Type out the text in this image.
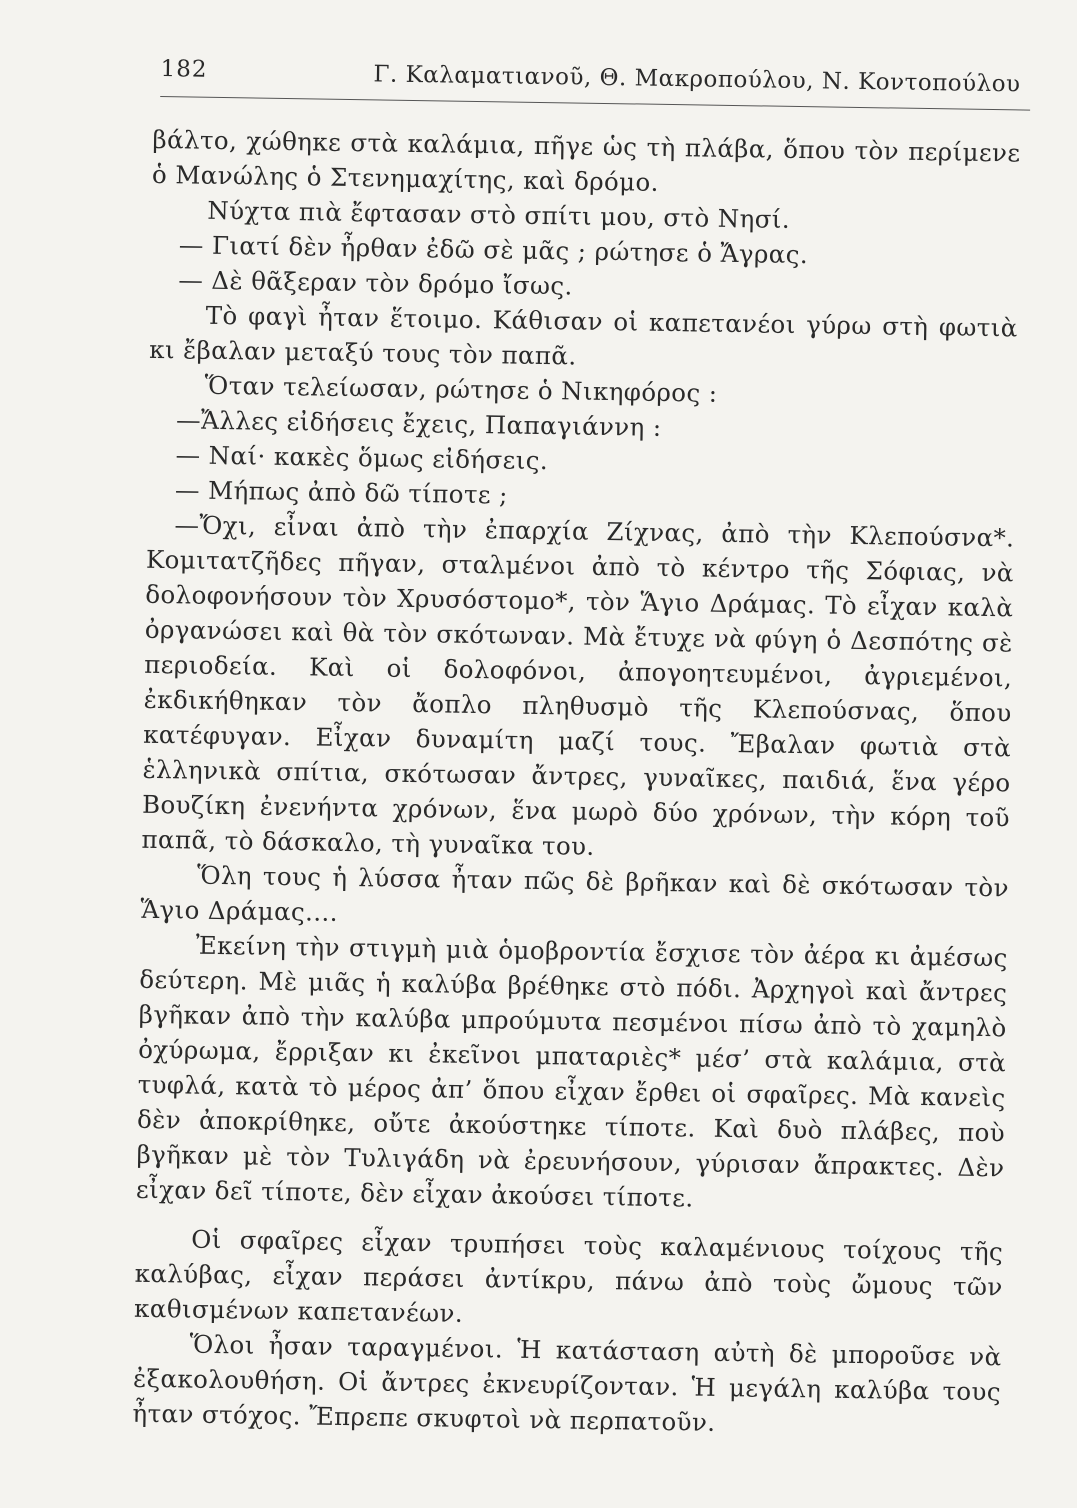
182	Γ. Καλαματιανοῦ, Θ. Μακροπούλου, Ν. Κοντοπούλου

βάλτο, χώθηκε στὰ καλάμια, πῆγε ὡς τὴ πλάβα, ὅπου τὸν περίμενε ὁ Μανώλης ὁ Στενημαχίτης, καὶ δρόμο.

Νύχτα πιὰ ἔφτασαν στὸ σπίτι μου, στὸ Νησί.

— Γιατί δὲν ἦρθαν ἐδῶ σὲ μᾶς ; ρώτησε ὁ Ἄγρας.

— Δὲ θᾶξεραν τὸν δρόμο ἴσως.

Τὸ φαγὶ ἦταν ἕτοιμο. Κάθισαν οἱ καπετανέοι γύρω στὴ φωτιὰ κι ἔβαλαν μεταξύ τους τὸν παπᾶ.

Ὅταν τελείωσαν, ρώτησε ὁ Νικηφόρος :

—Ἄλλες εἰδήσεις ἔχεις, Παπαγιάννη :

— Ναί· κακὲς ὅμως εἰδήσεις.

— Μήπως ἀπὸ δῶ τίποτε ;

—Ὄχι, εἶναι ἀπὸ τὴν ἐπαρχία Ζίχνας, ἀπὸ τὴν Κλεπούσνα*. Κομιτατζῆδες πῆγαν, σταλμένοι ἀπὸ τὸ κέντρο τῆς Σόφιας, νὰ δολοφονήσουν τὸν Χρυσόστομο*, τὸν Ἅγιο Δράμας. Τὸ εἶχαν καλὰ ὀργανώσει καὶ θὰ τὸν σκότωναν. Μὰ ἔτυχε νὰ φύγη ὁ Δεσπότης σὲ περιοδεία. Καὶ οἱ δολοφόνοι, ἀπογοητευμένοι, ἀγριεμένοι, ἐκδικήθηκαν τὸν ἄοπλο πληθυσμὸ τῆς Κλεπούσνας, ὅπου κατέφυγαν. Εἶχαν δυναμίτη μαζί τους. Ἔβαλαν φωτιὰ στὰ ἑλληνικὰ σπίτια, σκότωσαν ἄντρες, γυναῖκες, παιδιά, ἕνα γέρο Βουζίκη ἐνενήντα χρόνων, ἕνα μωρὸ δύο χρόνων, τὴν κόρη τοῦ παπᾶ, τὸ δάσκαλο, τὴ γυναῖκα του.

Ὅλη τους ἡ λύσσα ἦταν πῶς δὲ βρῆκαν καὶ δὲ σκότωσαν τὸν Ἅγιο Δράμας....

Ἐκείνη τὴν στιγμὴ μιὰ ὁμοβροντία ἔσχισε τὸν ἀέρα κι ἀμέσως δεύτερη. Μὲ μιᾶς ἡ καλύβα βρέθηκε στὸ πόδι. Ἀρχηγοὶ καὶ ἄντρες βγῆκαν ἀπὸ τὴν καλύβα μπρούμυτα πεσμένοι πίσω ἀπὸ τὸ χαμηλὸ ὀχύρωμα, ἔρριξαν κι ἐκεῖνοι μπαταριὲς* μέσ’ στὰ καλάμια, στὰ τυφλά, κατὰ τὸ μέρος ἀπ’ ὅπου εἶχαν ἔρθει οἱ σφαῖρες. Μὰ κανεὶς δὲν ἀποκρίθηκε, οὔτε ἀκούστηκε τίποτε. Καὶ δυὸ πλάβες, ποὺ βγῆκαν μὲ τὸν Τυλιγάδη νὰ ἐρευνήσουν, γύρισαν ἄπρακτες. Δὲν εἶχαν δεῖ τίποτε, δὲν εἶχαν ἀκούσει τίποτε.

Οἱ σφαῖρες εἶχαν τρυπήσει τοὺς καλαμένιους τοίχους τῆς καλύβας, εἶχαν περάσει ἀντίκρυ, πάνω ἀπὸ τοὺς ὤμους τῶν καθισμένων καπετανέων.

Ὅλοι ἦσαν ταραγμένοι. Ἡ κατάσταση αὐτὴ δὲ μποροῦσε νὰ ἐξακολουθήση. Οἱ ἄντρες ἐκνευρίζονταν. Ἡ μεγάλη καλύβα τους ἦταν στόχος. Ἔπρεπε σκυφτοὶ νὰ περπατοῦν.
